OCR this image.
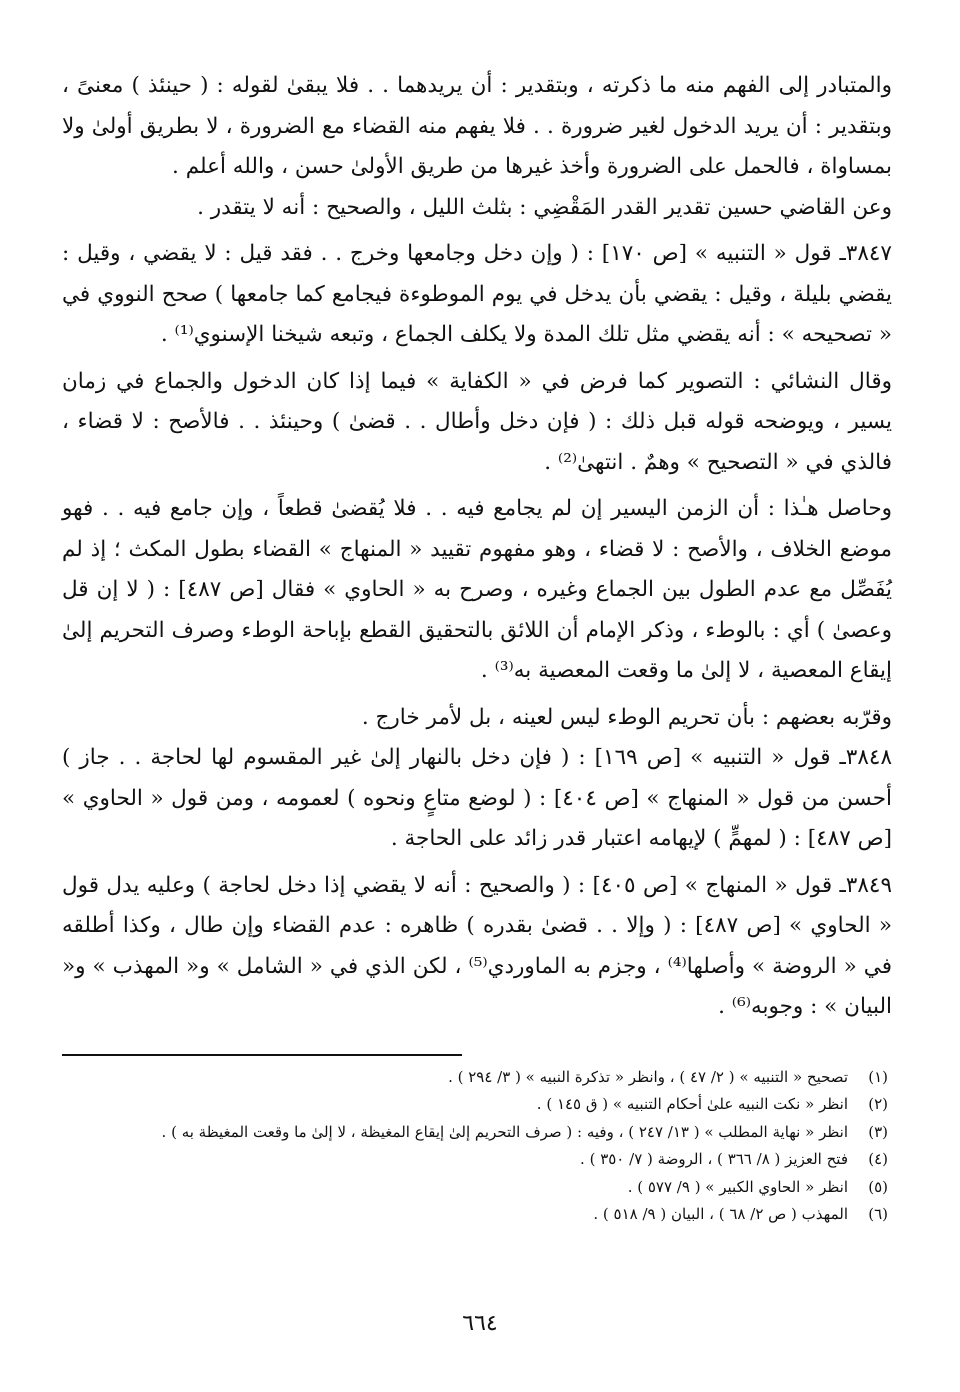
والمتبادر إلى الفهم منه ما ذكرته ، وبتقدير : أن يريدهما . . فلا يبقىٰ لقوله : ( حينئذ ) معنىً ، وبتقدير : أن يريد الدخول لغير ضرورة . . فلا يفهم منه القضاء مع الضرورة ، لا بطريق أولىٰ ولا بمساواة ، فالحمل على الضرورة وأخذ غيرها من طريق الأولىٰ حسن ، والله أعلم .

وعن القاضي حسين تقدير القدر المَقْضِي : بثلث الليل ، والصحيح : أنه لا يتقدر .

٣٨٤٧ـ قول « التنبيه » [ص ١٧٠] : ( وإن دخل وجامعها وخرج . . فقد قيل : لا يقضي ، وقيل : يقضي بليلة ، وقيل : يقضي بأن يدخل في يوم الموطوءة فيجامع كما جامعها ) صحح النووي في « تصحيحه » : أنه يقضي مثل تلك المدة ولا يكلف الجماع ، وتبعه شيخنا الإسنوي⁽¹⁾ .

وقال النشائي : التصوير كما فرض في « الكفاية » فيما إذا كان الدخول والجماع في زمان يسير ، ويوضحه قوله قبل ذلك : ( فإن دخل وأطال . . قضىٰ ) وحينئذ . . فالأصح : لا قضاء ، فالذي في « التصحيح » وهمٌ . انتهىٰ⁽²⁾ .

وحاصل هـٰذا : أن الزمن اليسير إن لم يجامع فيه . . فلا يُقضىٰ قطعاً ، وإن جامع فيه . . فهو موضع الخلاف ، والأصح : لا قضاء ، وهو مفهوم تقييد « المنهاج » القضاء بطول المكث ؛ إذ لم يُفَصِّل مع عدم الطول بين الجماع وغيره ، وصرح به « الحاوي » فقال [ص ٤٨٧] : ( لا إن قل وعصىٰ ) أي : بالوطء ، وذكر الإمام أن اللائق بالتحقيق القطع بإباحة الوطء وصرف التحريم إلىٰ إيقاع المعصية ، لا إلىٰ ما وقعت المعصية به⁽³⁾ .

وقرّبه بعضهم : بأن تحريم الوطء ليس لعينه ، بل لأمر خارج .

٣٨٤٨ـ قول « التنبيه » [ص ١٦٩] : ( فإن دخل بالنهار إلىٰ غير المقسوم لها لحاجة . . جاز ) أحسن من قول « المنهاج » [ص ٤٠٤] : ( لوضع متاعٍ ونحوه ) لعمومه ، ومن قول « الحاوي » [ص ٤٨٧] : ( لمهمٍّ ) لإيهامه اعتبار قدر زائد على الحاجة .

٣٨٤٩ـ قول « المنهاج » [ص ٤٠٥] : ( والصحيح : أنه لا يقضي إذا دخل لحاجة ) وعليه يدل قول « الحاوي » [ص ٤٨٧] : ( وإلا . . قضىٰ بقدره ) ظاهره : عدم القضاء وإن طال ، وكذا أطلقه في « الروضة » وأصلها⁽⁴⁾ ، وجزم به الماوردي⁽⁵⁾ ، لكن الذي في « الشامل » و« المهذب » و« البيان » : وجوبه⁽⁶⁾ .

(١)
تصحيح « التنبيه » ( ٢/ ٤٧ ) ، وانظر « تذكرة النبيه » ( ٣/ ٢٩٤ ) .
(٢)
انظر « نكت النبيه علىٰ أحكام التنبيه » ( ق ١٤٥ ) .
(٣)
انظر « نهاية المطلب » ( ١٣/ ٢٤٧ ) ، وفيه : ( صرف التحريم إلىٰ إيقاع المغيظة ، لا إلىٰ ما وقعت المغيظة به ) .
(٤)
فتح العزيز ( ٨/ ٣٦٦ ) ، الروضة ( ٧/ ٣٥٠ ) .
(٥)
انظر « الحاوي الكبير » ( ٩/ ٥٧٧ ) .
(٦)
المهذب ( ص ٢/ ٦٨ ) ، البيان ( ٩/ ٥١٨ ) .
٦٦٤
